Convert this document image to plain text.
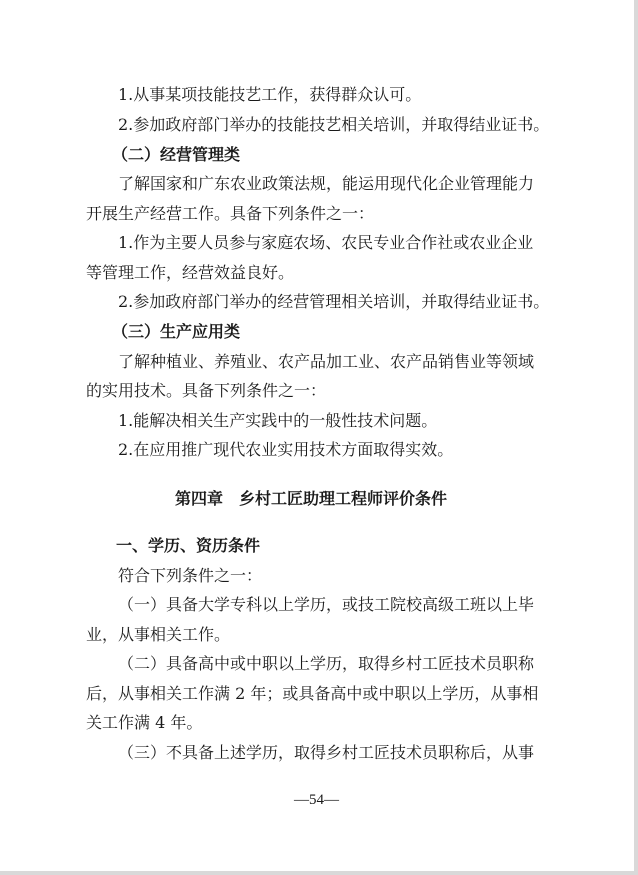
1.从事某项技能技艺工作，获得群众认可。

2.参加政府部门举办的技能技艺相关培训，并取得结业证书。

（二）经营管理类

了解国家和广东农业政策法规，能运用现代化企业管理能力

开展生产经营工作。具备下列条件之一：

1.作为主要人员参与家庭农场、农民专业合作社或农业企业

等管理工作，经营效益良好。

2.参加政府部门举办的经营管理相关培训，并取得结业证书。

（三）生产应用类

了解种植业、养殖业、农产品加工业、农产品销售业等领域

的实用技术。具备下列条件之一：

1.能解决相关生产实践中的一般性技术问题。

2.在应用推广现代农业实用技术方面取得实效。

第四章　乡村工匠助理工程师评价条件

一、学历、资历条件

符合下列条件之一：

（一）具备大学专科以上学历，或技工院校高级工班以上毕

业，从事相关工作。

（二）具备高中或中职以上学历，取得乡村工匠技术员职称

后，从事相关工作满 2 年；或具备高中或中职以上学历，从事相

关工作满 4 年。

（三）不具备上述学历，取得乡村工匠技术员职称后，从事

—54—
